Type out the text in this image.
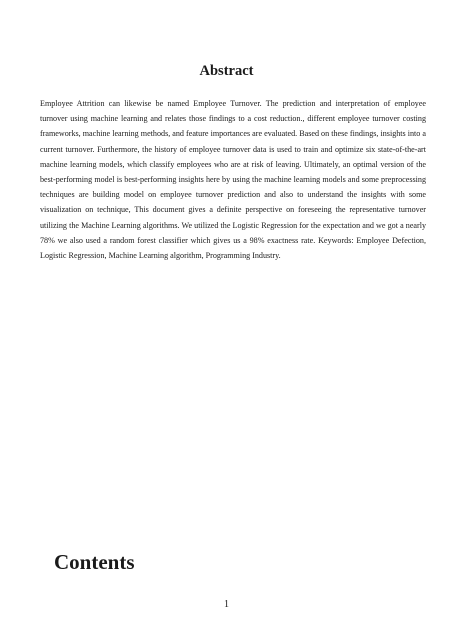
Abstract

Employee Attrition can likewise be named Employee Turnover. The prediction and interpretation of employee turnover using machine learning and relates those findings to a cost reduction., different employee turnover costing frameworks, machine learning methods, and feature importances are evaluated. Based on these findings, insights into a current turnover. Furthermore, the history of employee turnover data is used to train and optimize six state-of-the-art machine learning models, which classify employees who are at risk of leaving. Ultimately, an optimal version of the best-performing model is best-performing insights here by using the machine learning models and some preprocessing techniques are building model on employee turnover prediction and also to understand the insights with some visualization on technique, This document gives a definite perspective on foreseeing the representative turnover utilizing the Machine Learning algorithms. We utilized the Logistic Regression for the expectation and we got a nearly 78% we also used a random forest classifier which gives us a 98% exactness rate. Keywords: Employee Defection, Logistic Regression, Machine Learning algorithm, Programming Industry.

Contents
1
